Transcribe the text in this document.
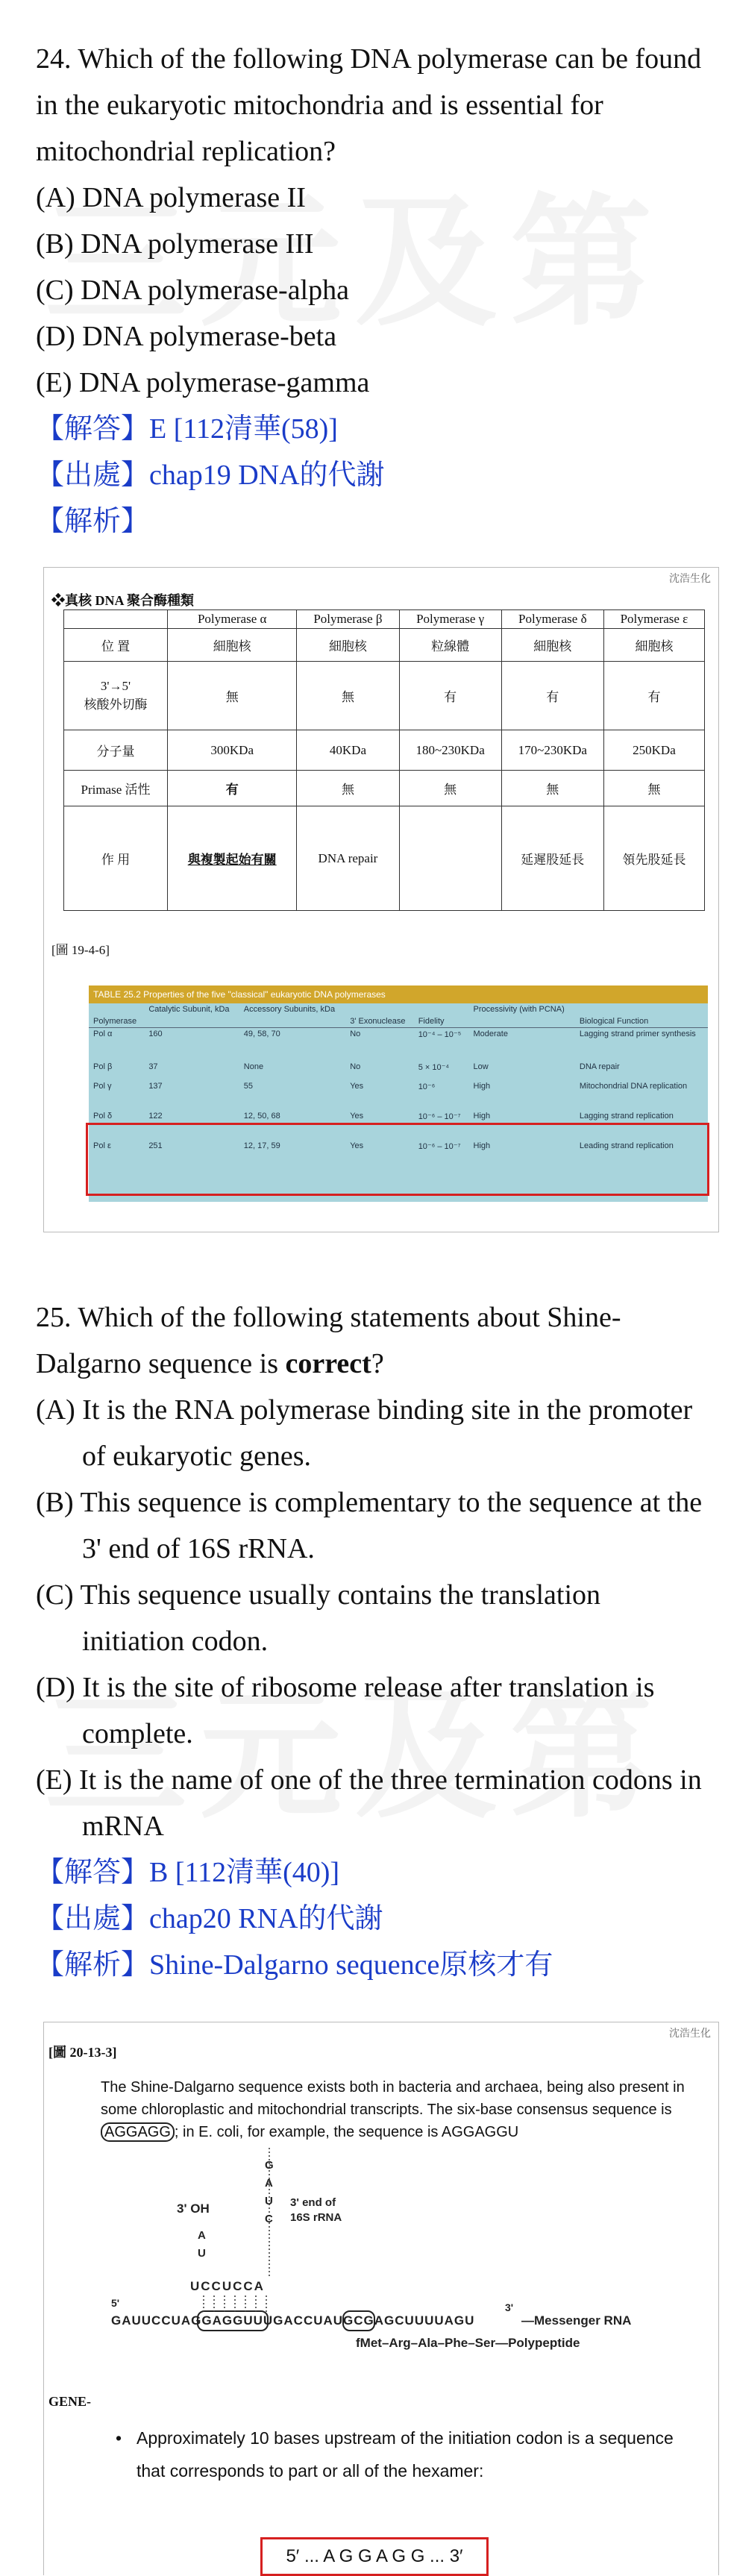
24. Which of the following DNA polymerase can be found in the eukaryotic mitochondria and is essential for mitochondrial replication?

(A) DNA polymerase II

(B) DNA polymerase III

(C) DNA polymerase-alpha

(D) DNA polymerase-beta

(E) DNA polymerase-gamma

【解答】E [112清華(58)]

【出處】chap19 DNA的代謝

【解析】

沈浩生化
❖真核 DNA 聚合酶種類
	Polymerase α	Polymerase β	Polymerase γ	Polymerase δ	Polymerase ε
位 置	細胞核	細胞核	粒線體	細胞核	細胞核
3'→5'
核酸外切酶	無	無	有	有	有
分子量	300KDa	40KDa	180~230KDa	170~230KDa	250KDa
Primase 活性	有	無	無	無	無
作 用	與複製起始有關	DNA repair		延遲股延長	領先股延長
[圖 19-4-6]
TABLE 25.2 Properties of the five "classical" eukaryotic DNA polymerases
Polymerase	Catalytic Subunit, kDa	Accessory Subunits, kDa	3' Exonuclease	Fidelity	Processivity (with PCNA)	Biological Function
Pol α	160	49, 58, 70	No	10⁻⁴ – 10⁻⁵	Moderate	Lagging strand primer synthesis
Pol β	37	None	No	5 × 10⁻⁴	Low	DNA repair
Pol γ	137	55	Yes	10⁻⁶	High	Mitochondrial DNA replication
Pol δ	122	12, 50, 68	Yes	10⁻⁶ – 10⁻⁷	High	Lagging strand replication
Pol ε	251	12, 17, 59	Yes	10⁻⁶ – 10⁻⁷	High	Leading strand replication

25. Which of the following statements about Shine-Dalgarno sequence is correct?

(A) It is the RNA polymerase binding site in the promoter of eukaryotic genes.

(B) This sequence is complementary to the sequence at the 3' end of 16S rRNA.

(C) This sequence usually contains the translation initiation codon.

(D) It is the site of ribosome release after translation is complete.

(E) It is the name of one of the three termination codons in mRNA

【解答】B [112清華(40)]

【出處】chap20 RNA的代謝

【解析】Shine-Dalgarno sequence原核才有

沈浩生化
[圖 20-13-3]
The Shine-Dalgarno sequence exists both in bacteria and archaea, being also present in some chloroplastic and mitochondrial transcripts. The six-base consensus sequence is AGGAGG ; in E. coli, for example, the sequence is AGGAGGU
3' end of
16S rRNA
3' OH
UCCUCCA
5'	3'
GAUUCCUAGGAGGUUUGACCUAUGCGAGCUUUUAGU	—Messenger RNA
fMet–Arg–Ala–Phe–Ser—Polypeptide
G
A
U
C
A
U
GENE-
• Approximately 10 bases upstream of the initiation codon is a sequence that corresponds to part or all of the hexamer:
5′ ... A G G A G G ... 3′
